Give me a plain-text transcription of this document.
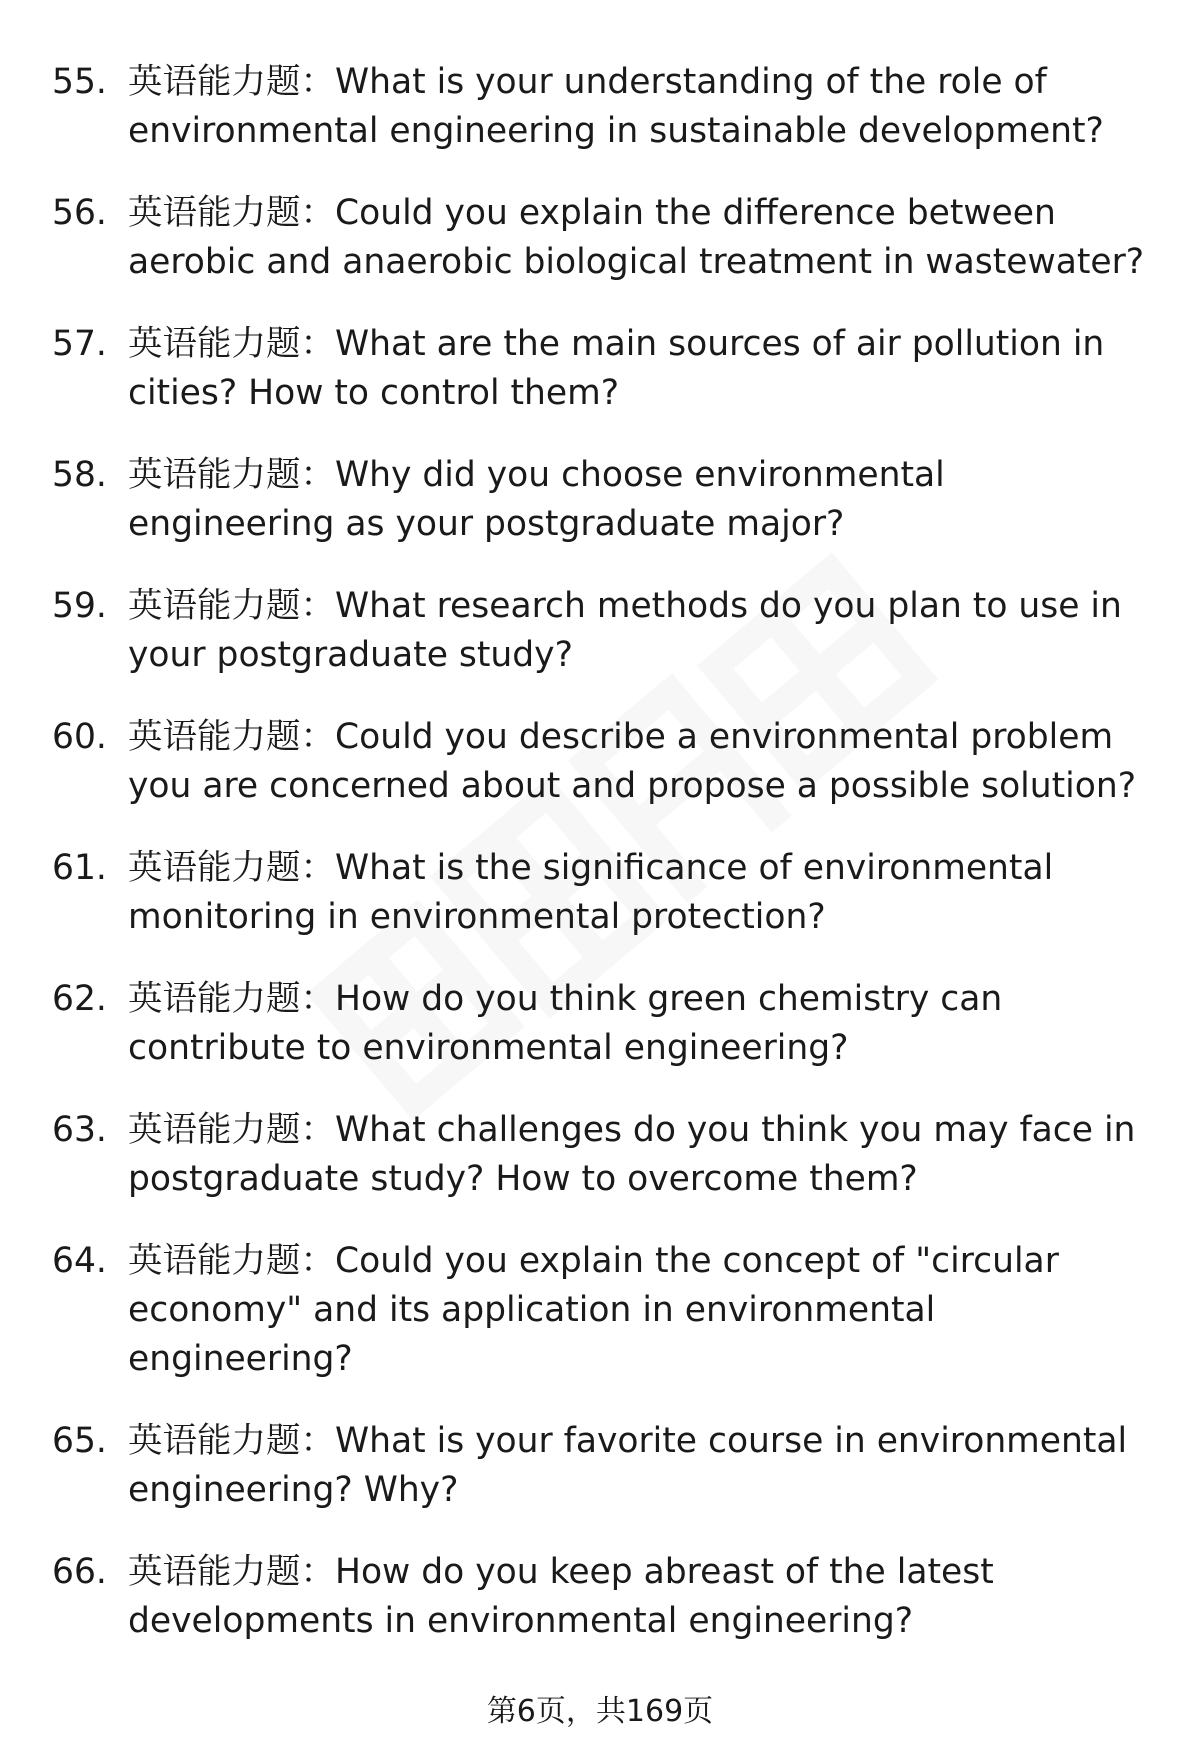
55. 英语能力题：What is your understanding of the role of environmental engineering in sustainable development?
56. 英语能力题：Could you explain the difference between aerobic and anaerobic biological treatment in wastewater?
57. 英语能力题：What are the main sources of air pollution in cities? How to control them?
58. 英语能力题：Why did you choose environmental engineering as your postgraduate major?
59. 英语能力题：What research methods do you plan to use in your postgraduate study?
60. 英语能力题：Could you describe a environmental problem you are concerned about and propose a possible solution?
61. 英语能力题：What is the significance of environmental monitoring in environmental protection?
62. 英语能力题：How do you think green chemistry can contribute to environmental engineering?
63. 英语能力题：What challenges do you think you may face in postgraduate study? How to overcome them?
64. 英语能力题：Could you explain the concept of "circular economy" and its application in environmental engineering?
65. 英语能力题：What is your favorite course in environmental engineering? Why?
66. 英语能力题：How do you keep abreast of the latest developments in environmental engineering?
第6页，共169页
